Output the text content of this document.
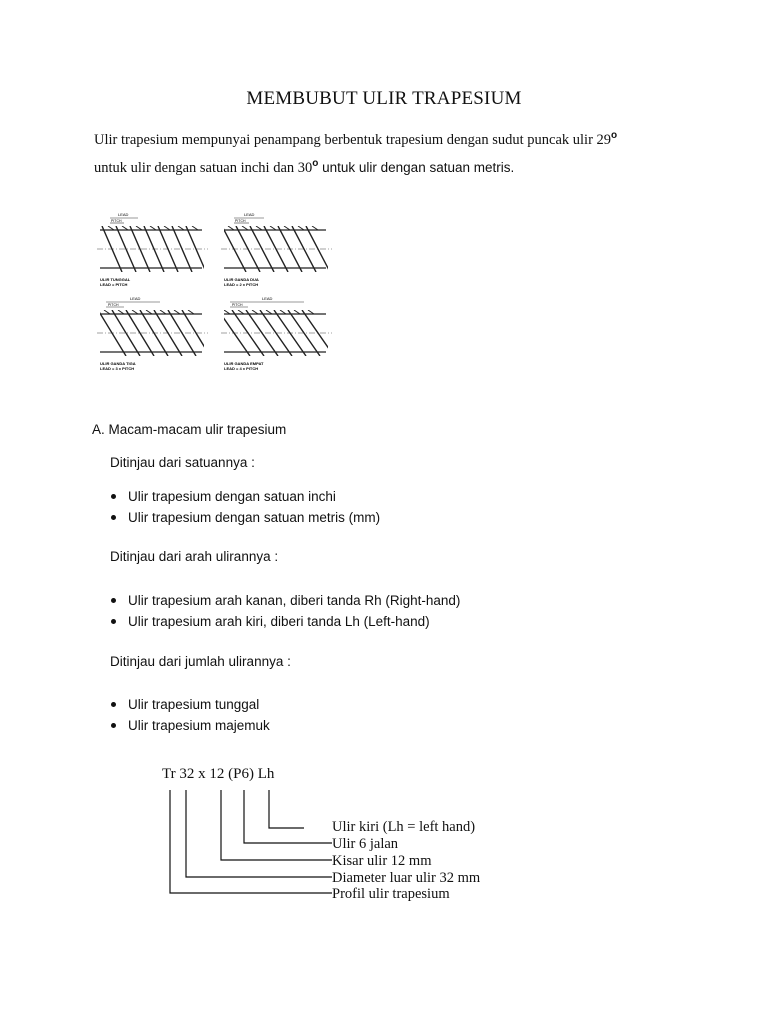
MEMBUBUT ULIR TRAPESIUM
Ulir trapesium mempunyai penampang berbentuk trapesium dengan sudut puncak ulir 29$^o$
untuk ulir dengan satuan inchi dan 30$^o$ untuk ulir dengan satuan metris.
LEAD
PITCH
ULIR TUNGGAL
LEAD = PITCH
LEAD
PITCH
ULIR GANDA DUA
LEAD = 2 x PITCH
LEAD
PITCH
ULIR GANDA TIGA
LEAD = 3 x PITCH
LEAD
PITCH
ULIR GANDA EMPAT
LEAD = 4 x PITCH
A. Macam-macam ulir trapesium
Ditinjau dari satuannya :
Ulir trapesium dengan satuan inchi
Ulir trapesium dengan satuan metris (mm)
Ditinjau dari arah ulirannya :
Ulir trapesium arah kanan, diberi tanda Rh (Right-hand)
Ulir trapesium arah kiri, diberi tanda Lh (Left-hand)
Ditinjau dari jumlah ulirannya :
Ulir trapesium tunggal
Ulir trapesium majemuk
Tr 32 x 12 (P6) Lh
Ulir kiri (Lh = left hand)
Ulir 6 jalan
Kisar ulir 12 mm
Diameter luar ulir 32 mm
Profil ulir trapesium
